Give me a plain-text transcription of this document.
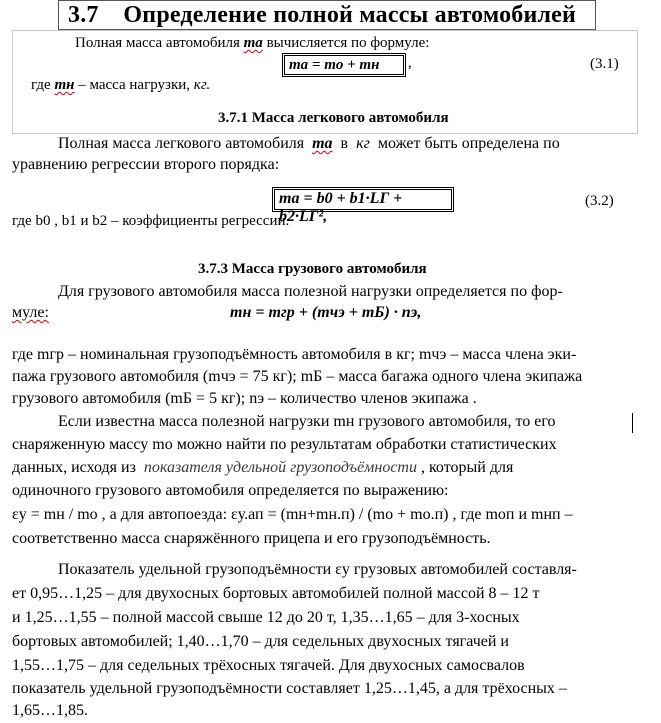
3.7 Определение полной массы автомобилей
Полная масса автомобиля ma вычисляется по формуле:
ma = mo + mн	,	(3.1)
где mн – масса нагрузки, кг.
3.7.1 Масса легкового автомобиля
Полная масса легкового автомобиля ma в кг может быть определена по
уравнению регрессии второго порядка:
ma = b0 + b1·LГ + b2·LГ²,
(3.2)
где b0 , b1 и b2 – коэффициенты регрессии.
3.7.3 Масса грузового автомобиля
Для грузового автомобиля масса полезной нагрузки определяется по фор-
муле:	mн = mгр + (mчэ + mБ) · nэ,
где mгр – номинальная грузоподъёмность автомобиля в кг; mчэ – масса члена эки-
пажа грузового автомобиля (mчэ = 75 кг); mБ – масса багажа одного члена экипажа
грузового автомобиля (mБ = 5 кг); nэ – количество членов экипажа .
Если известна масса полезной нагрузки mн грузового автомобиля, то его
снаряженную массу mо можно найти по результатам обработки статистических
данных, исходя из показателя удельной грузоподъёмности , который для
одиночного грузового автомобиля определяется по выражению:
εу = mн / mо , а для автопоезда: εу.ап = (mн+mн.п) / (mо + mо.п) , где mоп и mнп –
соответственно масса снаряжённого прицепа и его грузоподъёмность.
Показатель удельной грузоподъёмности εу грузовых автомобилей составля-
ет 0,95…1,25 – для двухосных бортовых автомобилей полной массой 8 – 12 т
и 1,25…1,55 – полной массой свыше 12 до 20 т, 1,35…1,65 – для 3-хосных
бортовых автомобилей; 1,40…1,70 – для седельных двухосных тягачей и
1,55…1,75 – для седельных трёхосных тягачей. Для двухосных самосвалов
показатель удельной грузоподъёмности составляет 1,25…1,45, а для трёхосных –
1,65…1,85.
